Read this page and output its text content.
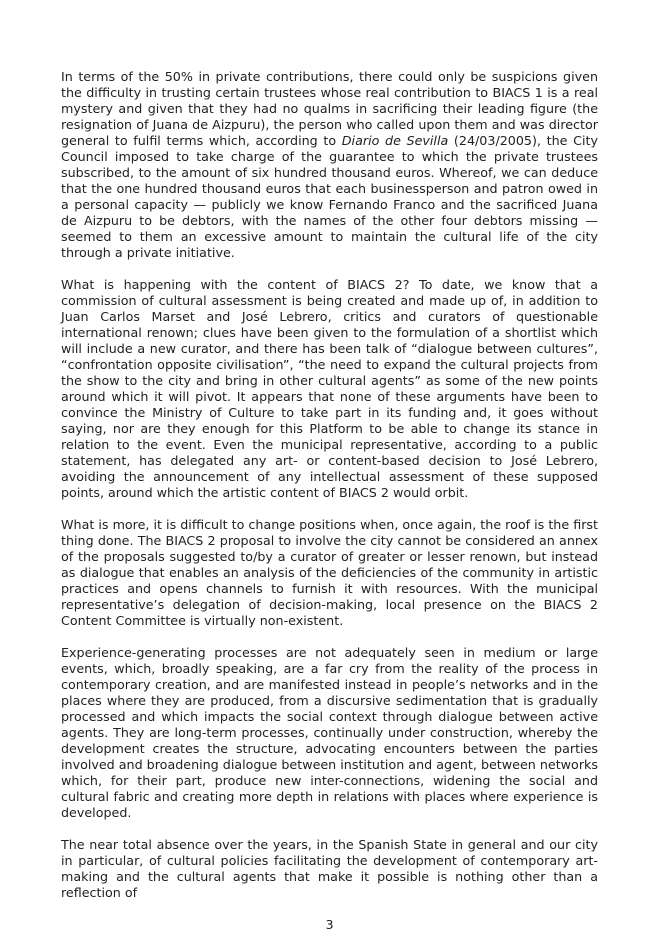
In terms of the 50% in private contributions, there could only be suspicions given the difficulty in trusting certain trustees whose real contribution to BIACS 1 is a real mystery and given that they had no qualms in sacrificing their leading figure (the resignation of Juana de Aizpuru), the person who called upon them and was director general to fulfil terms which, according to Diario de Sevilla (24/03/2005), the City Council imposed to take charge of the guarantee to which the private trustees subscribed, to the amount of six hundred thousand euros. Whereof, we can deduce that the one hundred thousand euros that each businessperson and patron owed in a personal capacity — publicly we know Fernando Franco and the sacrificed Juana de Aizpuru to be debtors, with the names of the other four debtors missing — seemed to them an excessive amount to maintain the cultural life of the city through a private initiative.

What is happening with the content of BIACS 2? To date, we know that a commission of cultural assessment is being created and made up of, in addition to Juan Carlos Marset and José Lebrero, critics and curators of questionable international renown; clues have been given to the formulation of a shortlist which will include a new curator, and there has been talk of “dialogue between cultures”, “confrontation opposite civilisation”, “the need to expand the cultural projects from the show to the city and bring in other cultural agents” as some of the new points around which it will pivot. It appears that none of these arguments have been to convince the Ministry of Culture to take part in its funding and, it goes without saying, nor are they enough for this Platform to be able to change its stance in relation to the event. Even the municipal representative, according to a public statement, has delegated any art- or content-based decision to José Lebrero, avoiding the announcement of any intellectual assessment of these supposed points, around which the artistic content of BIACS 2 would orbit.

What is more, it is difficult to change positions when, once again, the roof is the first thing done. The BIACS 2 proposal to involve the city cannot be considered an annex of the proposals suggested to/by a curator of greater or lesser renown, but instead as dialogue that enables an analysis of the deficiencies of the community in artistic practices and opens channels to furnish it with resources. With the municipal representative’s delegation of decision-making, local presence on the BIACS 2 Content Committee is virtually non-existent.

Experience-generating processes are not adequately seen in medium or large events, which, broadly speaking, are a far cry from the reality of the process in contemporary creation, and are manifested instead in people’s networks and in the places where they are produced, from a discursive sedimentation that is gradually processed and which impacts the social context through dialogue between active agents. They are long-term processes, continually under construction, whereby the development creates the structure, advocating encounters between the parties involved and broadening dialogue between institution and agent, between networks which, for their part, produce new inter-connections, widening the social and cultural fabric and creating more depth in relations with places where experience is developed.

The near total absence over the years, in the Spanish State in general and our city in particular, of cultural policies facilitating the development of contemporary art-making and the cultural agents that make it possible is nothing other than a reflection of

3
